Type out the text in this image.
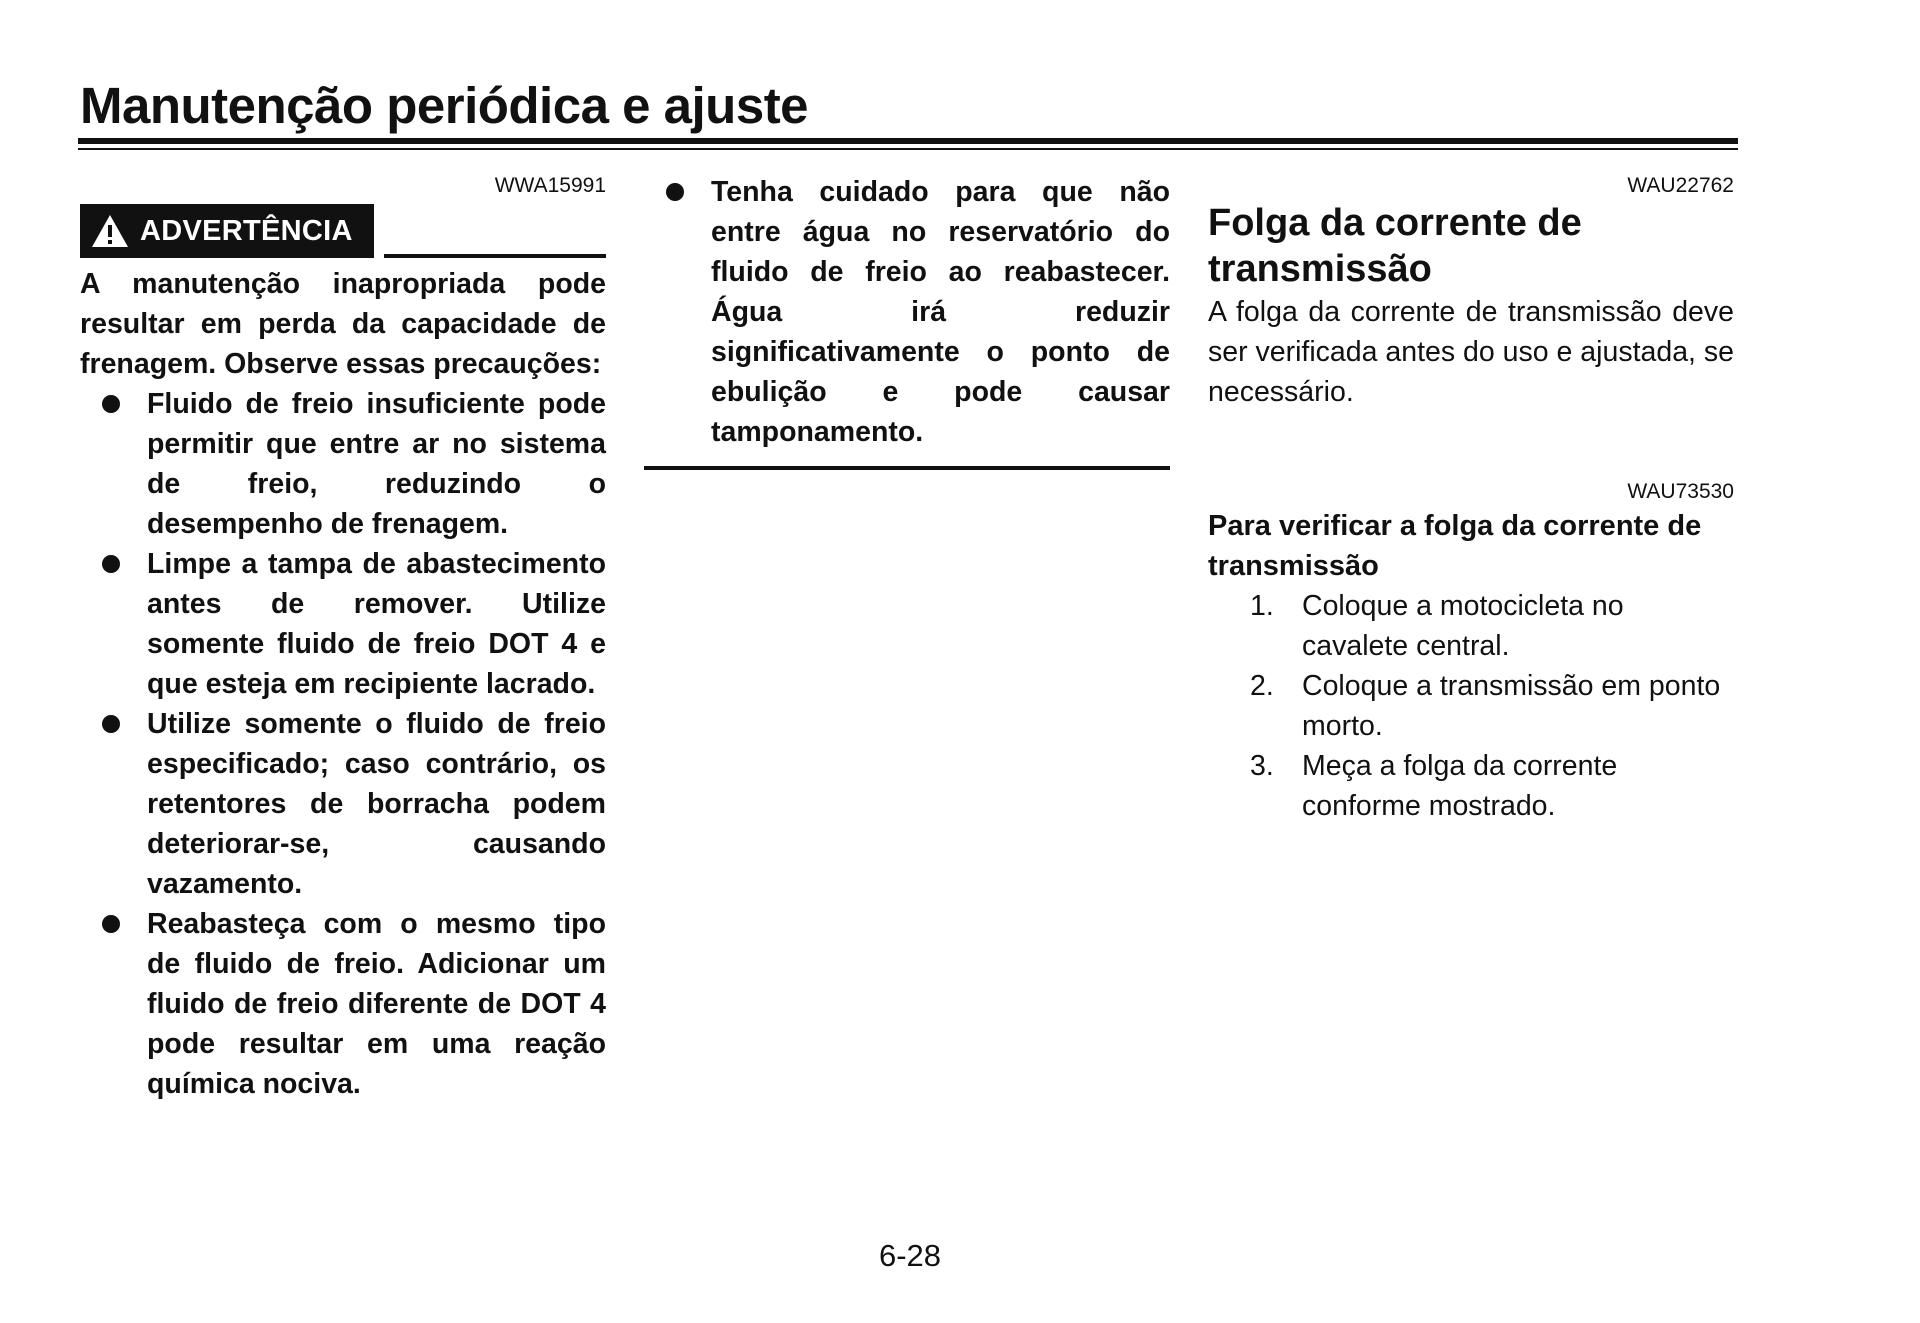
Manutenção periódica e ajuste
WWA15991
ADVERTÊNCIA

A manutenção inapropriada pode resultar em perda da capacidade de frenagem. Observe essas precauções:

Fluido de freio insuficiente pode permitir que entre ar no sistema de freio, reduzindo o desempenho de frenagem.
Limpe a tampa de abastecimento antes de remover. Utilize somente fluido de freio DOT 4 e que esteja em recipiente lacrado.
Utilize somente o fluido de freio especificado; caso contrário, os retentores de borracha podem deteriorar-se, causando vazamento.
Reabasteça com o mesmo tipo de fluido de freio. Adicionar um fluido de freio diferente de DOT 4 pode resultar em uma reação química nociva.
Tenha cuidado para que não entre água no reservatório do fluido de freio ao reabastecer. Água irá reduzir significativamente o ponto de ebulição e pode causar tamponamento.
WAU22762
Folga da corrente de transmissão

A folga da corrente de transmissão deve ser verificada antes do uso e ajustada, se necessário.

WAU73530
Para verificar a folga da corrente de transmissão
1. Coloque a motocicleta no cavalete central.
2. Coloque a transmissão em ponto morto.
3. Meça a folga da corrente conforme mostrado.
6-28
